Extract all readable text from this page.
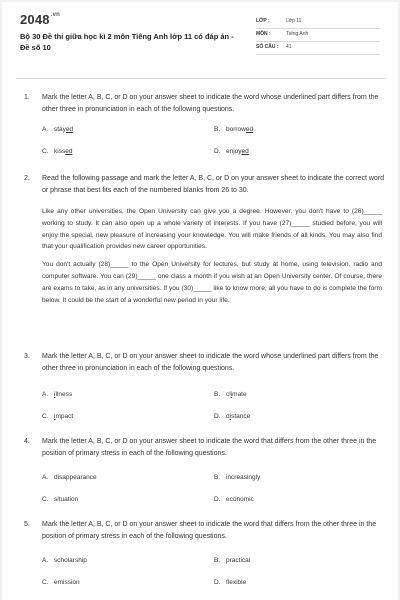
$2048^{.vn}$
Bộ 30 Đề thi giữa học kì 2 môn Tiếng Anh lớp 11 có đáp án - Đề số 10
LỚP :	Lớp 11
MÔN :	Tiếng Anh
SỐ CÂU : 41
1.	Mark the letter A, B, C, or D on your answer sheet to indicate the word whose underlined part differs from the other three in pronunciation in each of the following questions.
A. stayed	B. borrowed
C. kissed	D. enjoyed
2.	Read the following passage and mark the letter A, B, C, or D on your answer sheet to indicate the correct word or phrase that best fits each of the numbered blanks from 26 to 30.

Like any other universities, the Open University can give you a degree. However, you don't have to (26)_____ working to study. It can also open up a whole variety of interests. If you have (27)_____ studied before, you will enjoy the special, new pleasure of increasing your knowledge. You will make friends of all kinds. You may also find that your qualification provides new career opportunities.

You don't actually (28)_____ to the Open University for lectures, but study at home, using television, radio and computer software. You can (29)_____ one class a month if you wish at an Open University center. Of course, there are exams to take, as in any universities. If you (30)_____ like to know more, all you have to do is complete the form below. It could be the start of a wonderful new period in your life.

3.	Mark the letter A, B, C, or D on your answer sheet to indicate the word whose underlined part differs from the other three in pronunciation in each of the following questions.
A. illness	B. climate
C. impact	D. distance
4.	Mark the letter A, B, C, or D on your answer sheet to indicate the word that differs from the other three in the position of primary stress in each of the following questions.
A. disappearance	B. increasingly
C. situation	D. economic
5.	Mark the letter A, B, C, or D on your answer sheet to indicate the word that differs from the other three in the position of primary stress in each of the following questions.
A. scholarship	B. practical
C. emission	D. flexible
